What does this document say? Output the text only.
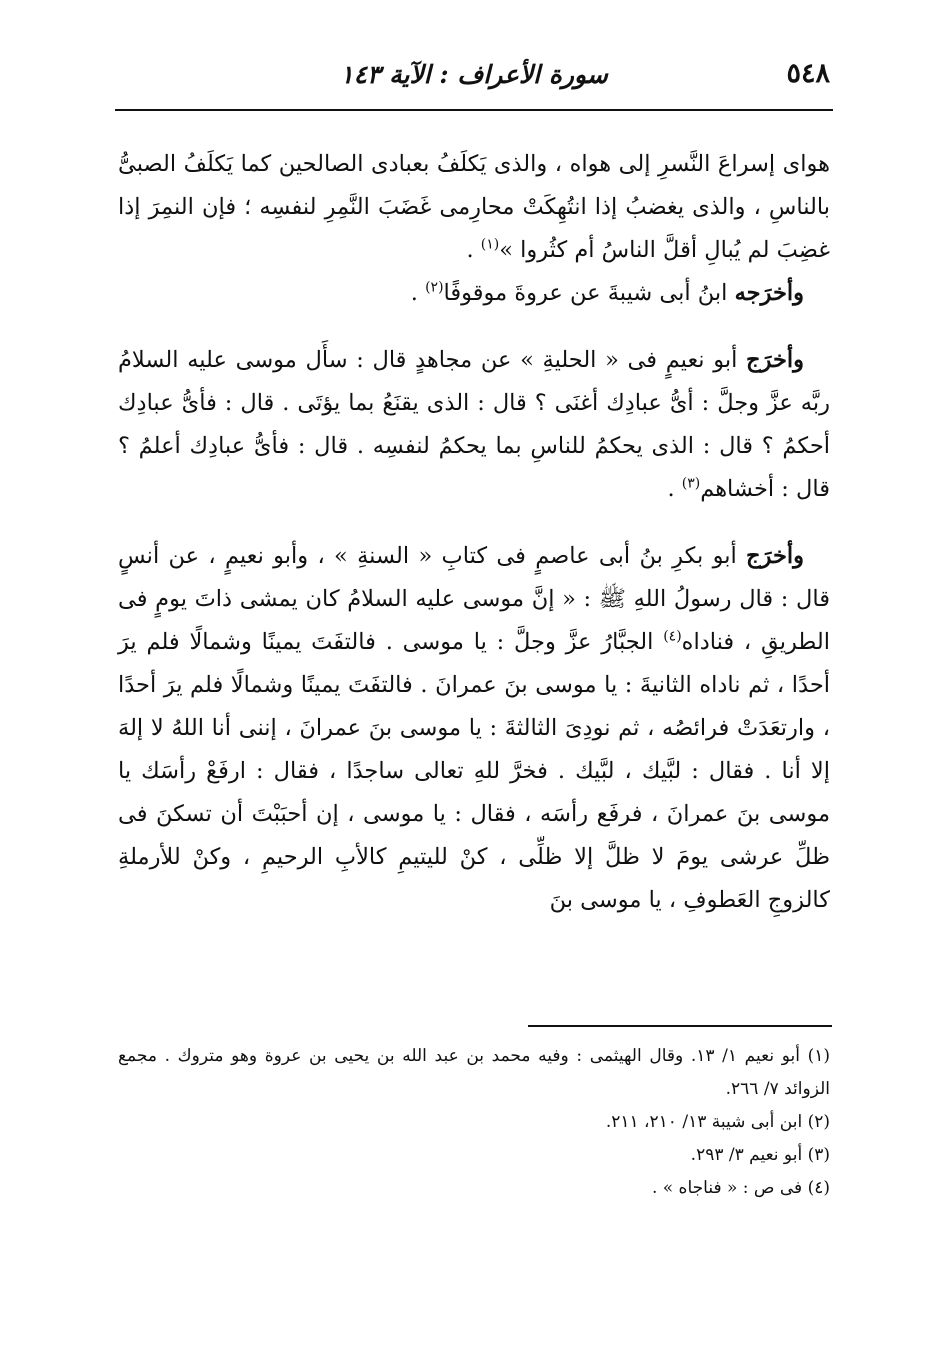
٥٤٨
سورة الأعراف : الآية ١٤٣

هواى إسراعَ النَّسرِ إلى هواه ، والذى يَكلَفُ بعبادى الصالحين كما يَكلَفُ الصبىُّ بالناسِ ، والذى يغضبُ إذا انتُهِكَتْ محارِمى غَضَبَ النَّمِرِ لنفسِه ؛ فإن النمِرَ إذا غضِبَ لم يُبالِ أقلَّ الناسُ أم كثُروا »$^{(١)}$ .

وأخرَجه ابنُ أبى شيبةَ عن عروةَ موقوفًا$^{(٢)}$ .

وأخرَج أبو نعيمٍ فى « الحليةِ » عن مجاهدٍ قال : سأَل موسى عليه السلامُ ربَّه عزَّ وجلَّ : أىُّ عبادِك أغنَى ؟ قال : الذى يقنَعُ بما يؤتَى . قال : فأىُّ عبادِك أحكمُ ؟ قال : الذى يحكمُ للناسِ بما يحكمُ لنفسِه . قال : فأىُّ عبادِك أعلمُ ؟ قال : أخشاهم$^{(٣)}$ .

وأخرَج أبو بكرِ بنُ أبى عاصمٍ فى كتابِ « السنةِ » ، وأبو نعيمٍ ، عن أنسٍ قال : قال رسولُ اللهِ ﷺ : « إنَّ موسى عليه السلامُ كان يمشى ذاتَ يومٍ فى الطريقِ ، فناداه$^{(٤)}$ الجبَّارُ عزَّ وجلَّ : يا موسى . فالتفَتَ يمينًا وشمالًا فلم يرَ أحدًا ، ثم ناداه الثانيةَ : يا موسى بنَ عمرانَ . فالتفَتَ يمينًا وشمالًا فلم يرَ أحدًا ، وارتعَدَتْ فرائصُه ، ثم نودِىَ الثالثةَ : يا موسى بنَ عمرانَ ، إننى أنا اللهُ لا إلهَ إلا أنا . فقال : لبَّيك ، لبَّيك . فخرَّ للهِ تعالى ساجدًا ، فقال : ارفَعْ رأسَك يا موسى بنَ عمرانَ ، فرفَع رأسَه ، فقال : يا موسى ، إن أحبَبْتَ أن تسكنَ فى ظلِّ عرشى يومَ لا ظلَّ إلا ظلِّى ، كنْ لليتيمِ كالأبِ الرحيمِ ، وكنْ للأرملةِ كالزوجِ العَطوفِ ، يا موسى بنَ

(١) أبو نعيم ١/ ١٣. وقال الهيثمى : وفيه محمد بن عبد الله بن يحيى بن عروة وهو متروك . مجمع الزوائد ٧/ ٢٦٦.

(٢) ابن أبى شيبة ١٣/ ٢١٠، ٢١١.

(٣) أبو نعيم ٣/ ٢٩٣.

(٤) فى ص : « فناجاه » .
